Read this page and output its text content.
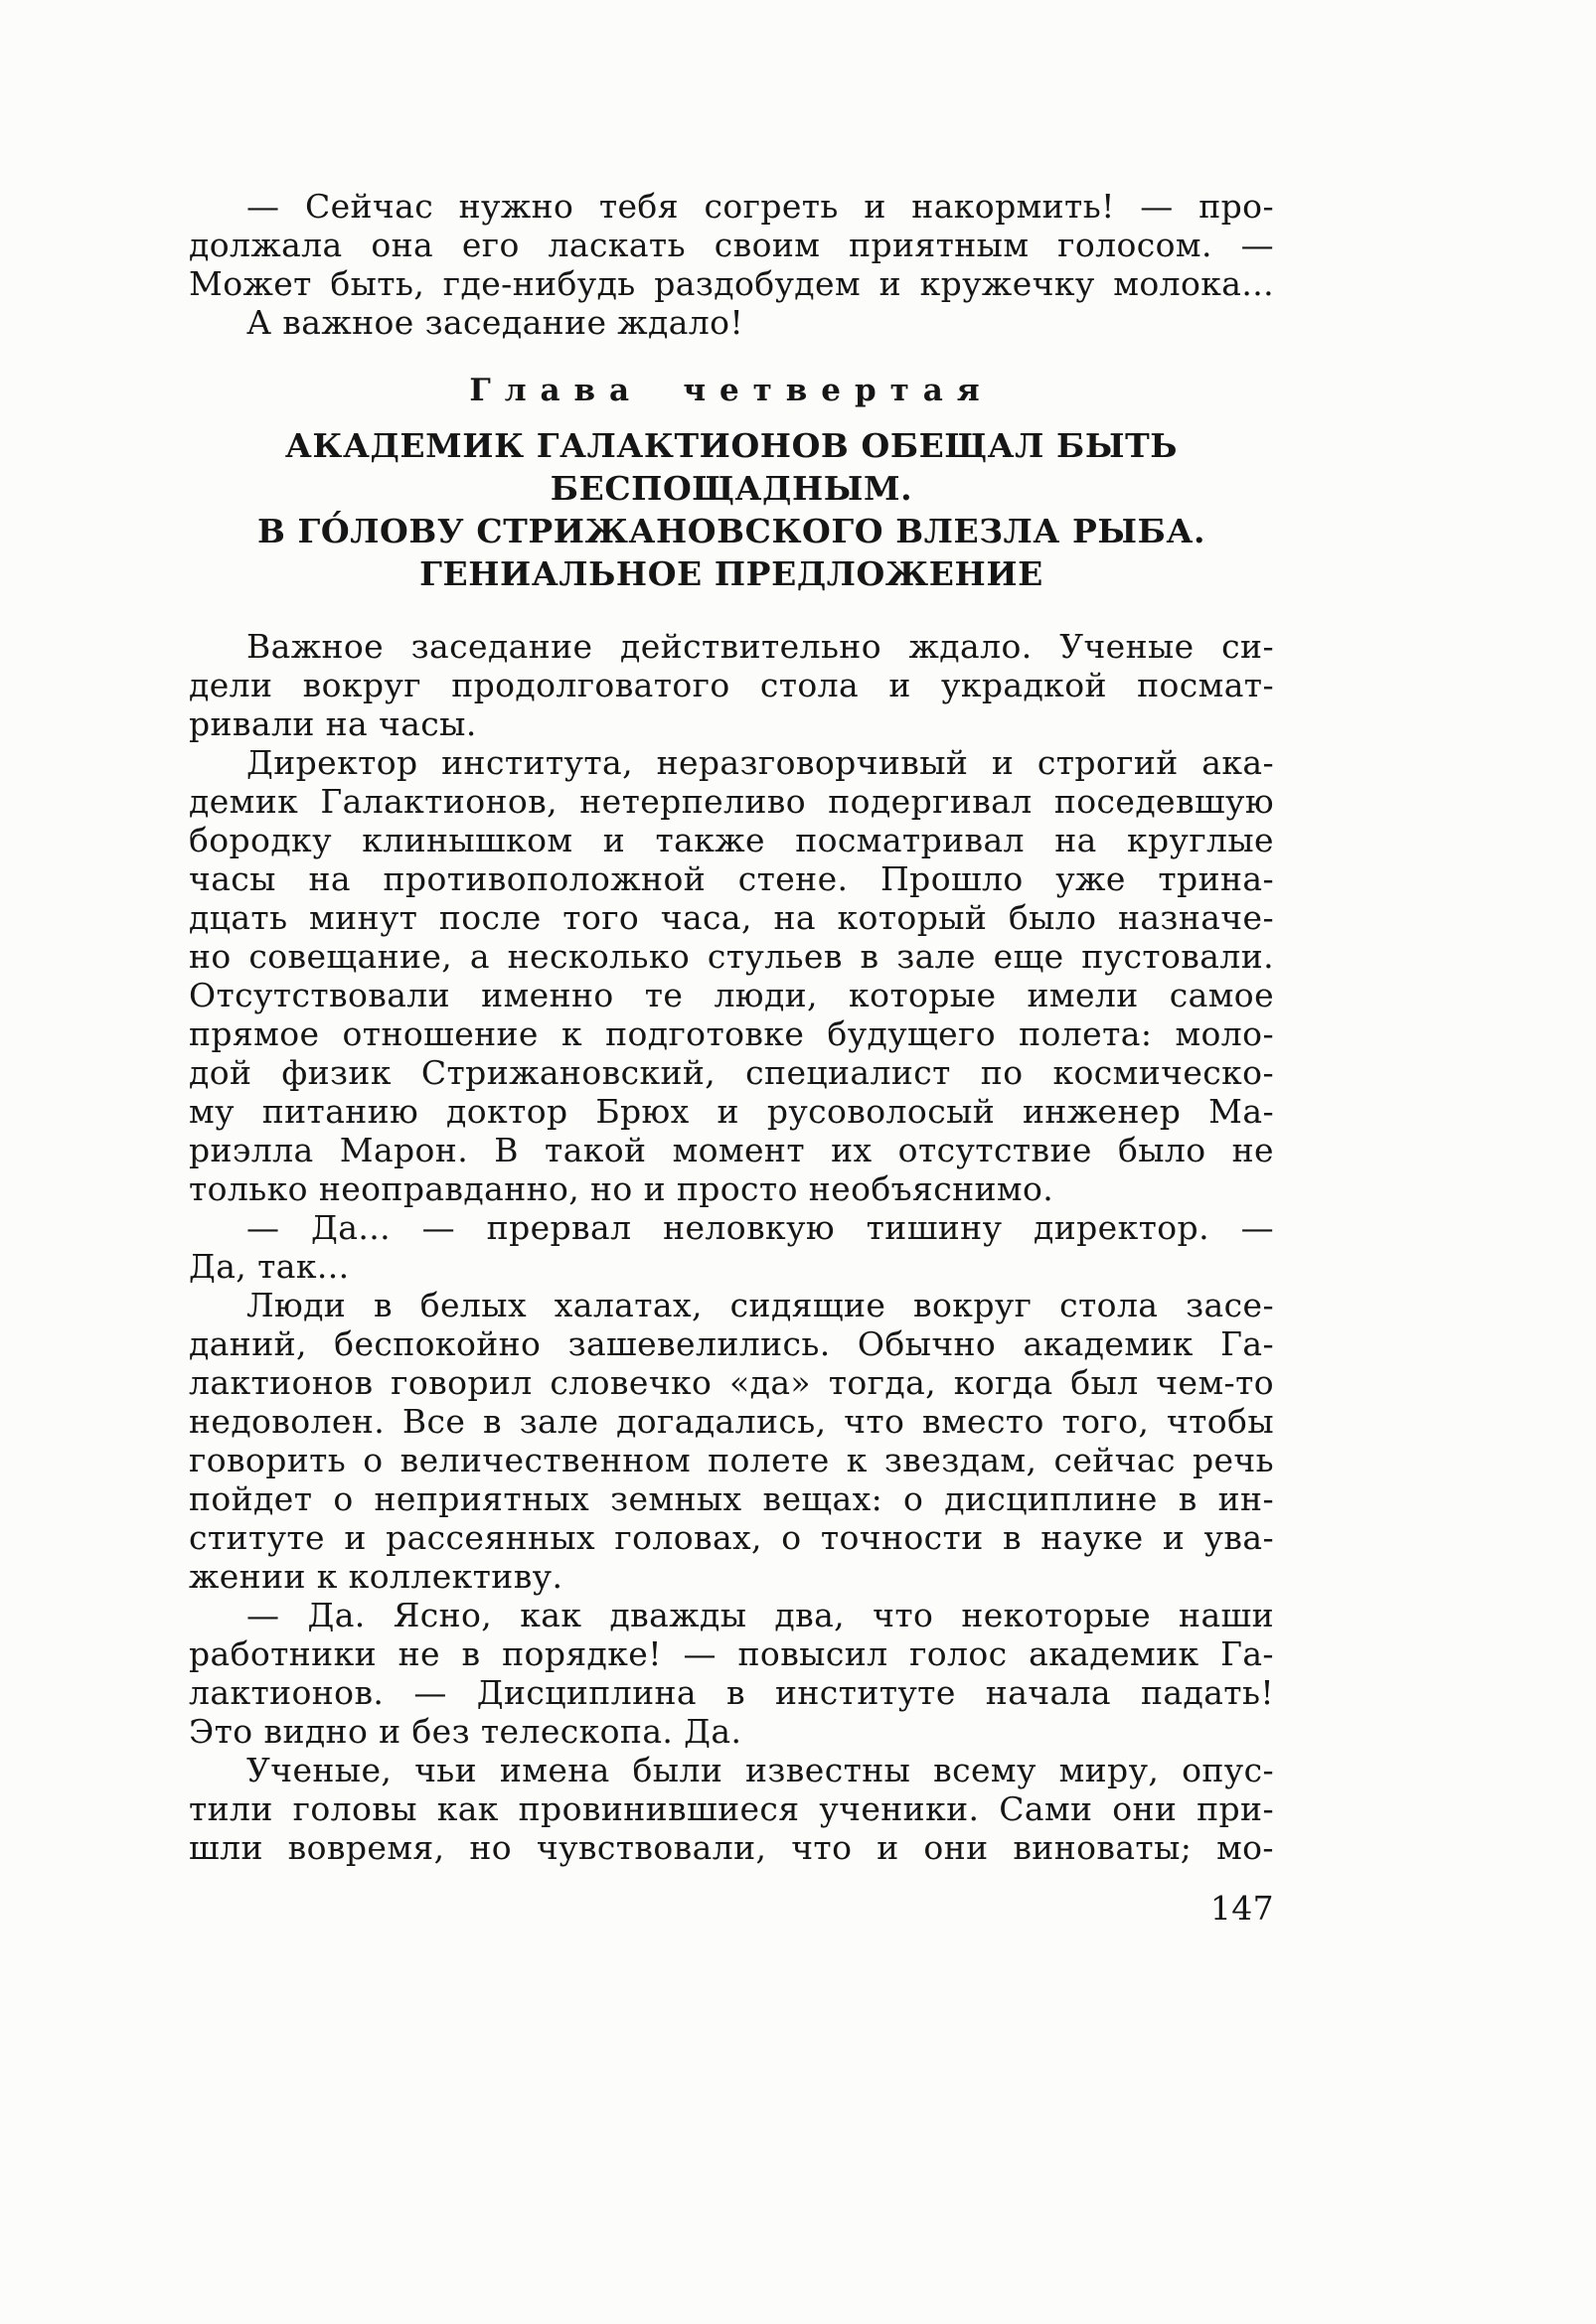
— Сейчас нужно тебя согреть и накормить! — про-
должала она его ласкать своим приятным голосом. —
Может быть, где-нибудь раздобудем и кружечку молока...

А важное заседание ждало!

Глава четвертая
АКАДЕМИК ГАЛАКТИОНОВ ОБЕЩАЛ БЫТЬ
БЕСПОЩАДНЫМ.
В ГО́ЛОВУ СТРИЖАНОВСКОГО ВЛЕЗЛА РЫБА.
ГЕНИАЛЬНОЕ ПРЕДЛОЖЕНИЕ

Важное заседание действительно ждало. Ученые си-
дели вокруг продолговатого стола и украдкой посмат-
ривали на часы.

Директор института, неразговорчивый и строгий ака-
демик Галактионов, нетерпеливо подергивал поседевшую
бородку клинышком и также посматривал на круглые
часы на противоположной стене. Прошло уже трина-
дцать минут после того часа, на который было назначе-
но совещание, а несколько стульев в зале еще пустовали.
Отсутствовали именно те люди, которые имели самое
прямое отношение к подготовке будущего полета: моло-
дой физик Стрижановский, специалист по космическо-
му питанию доктор Брюх и русоволосый инженер Ма-
риэлла Марон. В такой момент их отсутствие было не
только неоправданно, но и просто необъяснимо.

— Да... — прервал неловкую тишину директор. —
Да, так...

Люди в белых халатах, сидящие вокруг стола засе-
даний, беспокойно зашевелились. Обычно академик Га-
лактионов говорил словечко «да» тогда, когда был чем-то
недоволен. Все в зале догадались, что вместо того, чтобы
говорить о величественном полете к звездам, сейчас речь
пойдет о неприятных земных вещах: о дисциплине в ин-
ституте и рассеянных головах, о точности в науке и ува-
жении к коллективу.

— Да. Ясно, как дважды два, что некоторые наши
работники не в порядке! — повысил голос академик Га-
лактионов. — Дисциплина в институте начала падать!
Это видно и без телескопа. Да.

Ученые, чьи имена были известны всему миру, опус-
тили головы как провинившиеся ученики. Сами они при-
шли вовремя, но чувствовали, что и они виноваты; мо-

147
